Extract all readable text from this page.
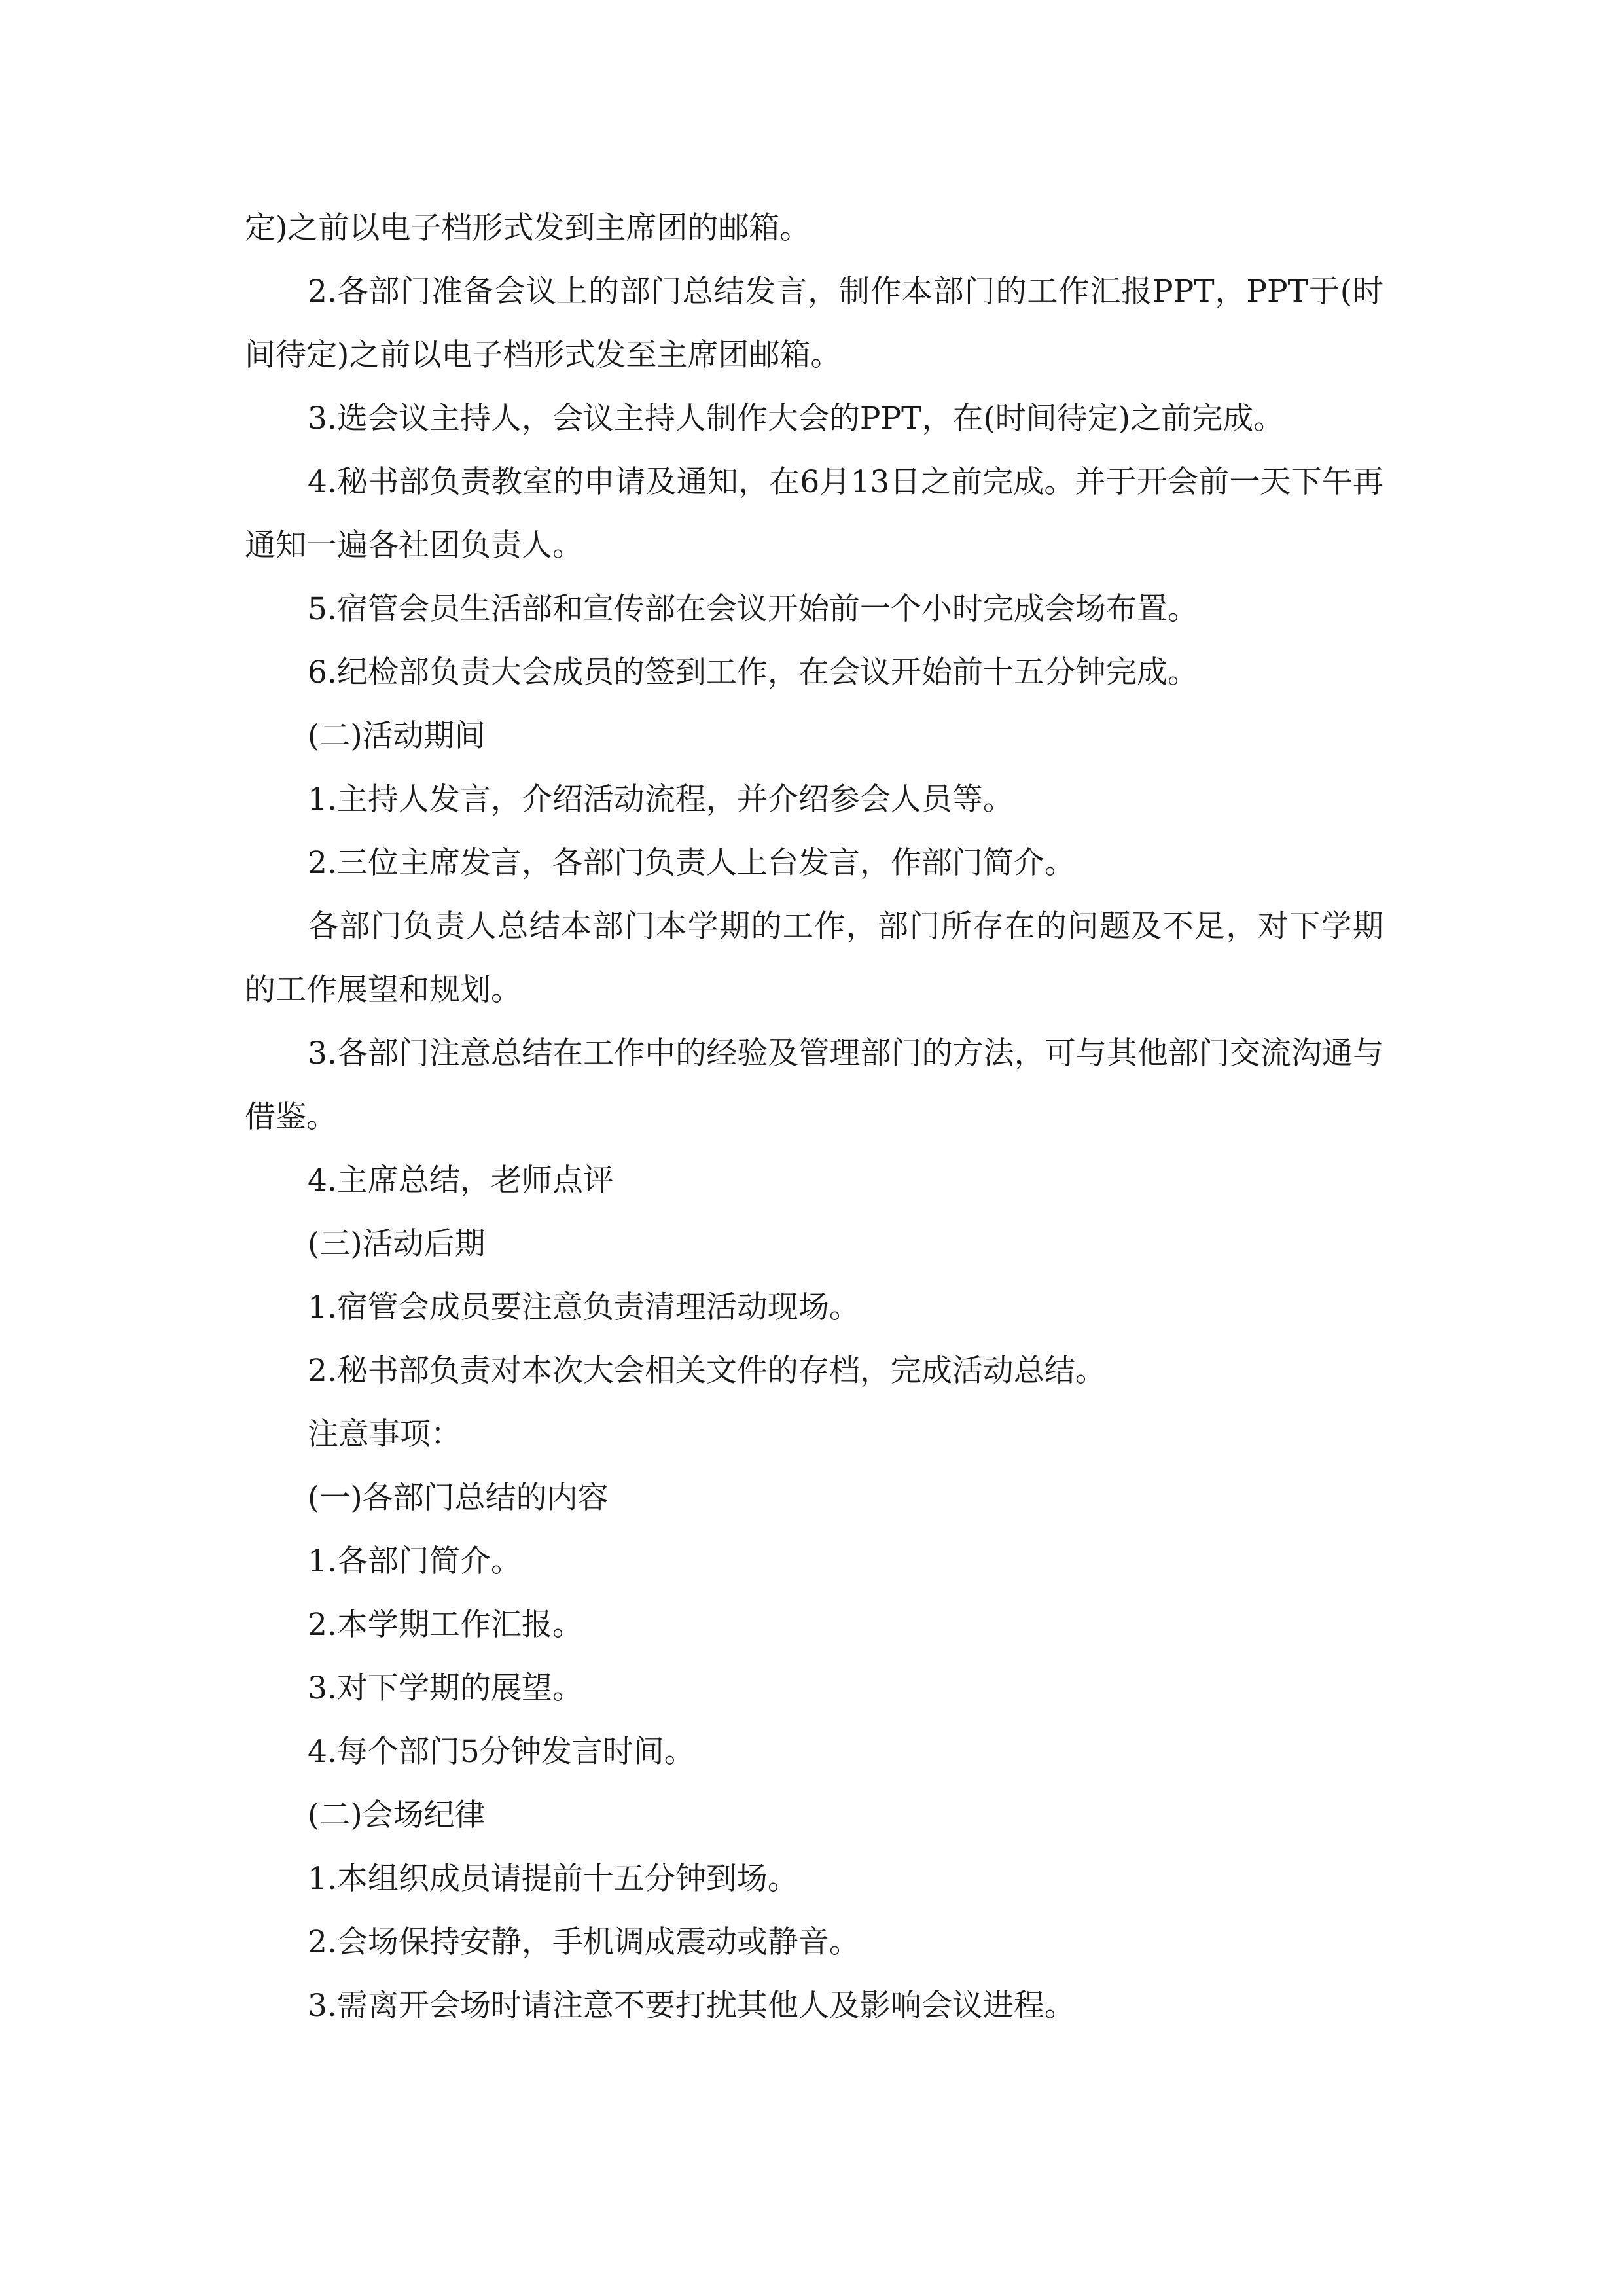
定)之前以电子档形式发到主席团的邮箱。

2.各部门准备会议上的部门总结发言，制作本部门的工作汇报PPT，PPT于(时间待定)之前以电子档形式发至主席团邮箱。

3.选会议主持人，会议主持人制作大会的PPT，在(时间待定)之前完成。

4.秘书部负责教室的申请及通知，在6月13日之前完成。并于开会前一天下午再通知一遍各社团负责人。

5.宿管会员生活部和宣传部在会议开始前一个小时完成会场布置。

6.纪检部负责大会成员的签到工作，在会议开始前十五分钟完成。

(二)活动期间

1.主持人发言，介绍活动流程，并介绍参会人员等。

2.三位主席发言，各部门负责人上台发言，作部门简介。

各部门负责人总结本部门本学期的工作，部门所存在的问题及不足，对下学期的工作展望和规划。

3.各部门注意总结在工作中的经验及管理部门的方法，可与其他部门交流沟通与借鉴。

4.主席总结，老师点评

(三)活动后期

1.宿管会成员要注意负责清理活动现场。

2.秘书部负责对本次大会相关文件的存档，完成活动总结。

注意事项：

(一)各部门总结的内容

1.各部门简介。

2.本学期工作汇报。

3.对下学期的展望。

4.每个部门5分钟发言时间。

(二)会场纪律

1.本组织成员请提前十五分钟到场。

2.会场保持安静，手机调成震动或静音。

3.需离开会场时请注意不要打扰其他人及影响会议进程。
